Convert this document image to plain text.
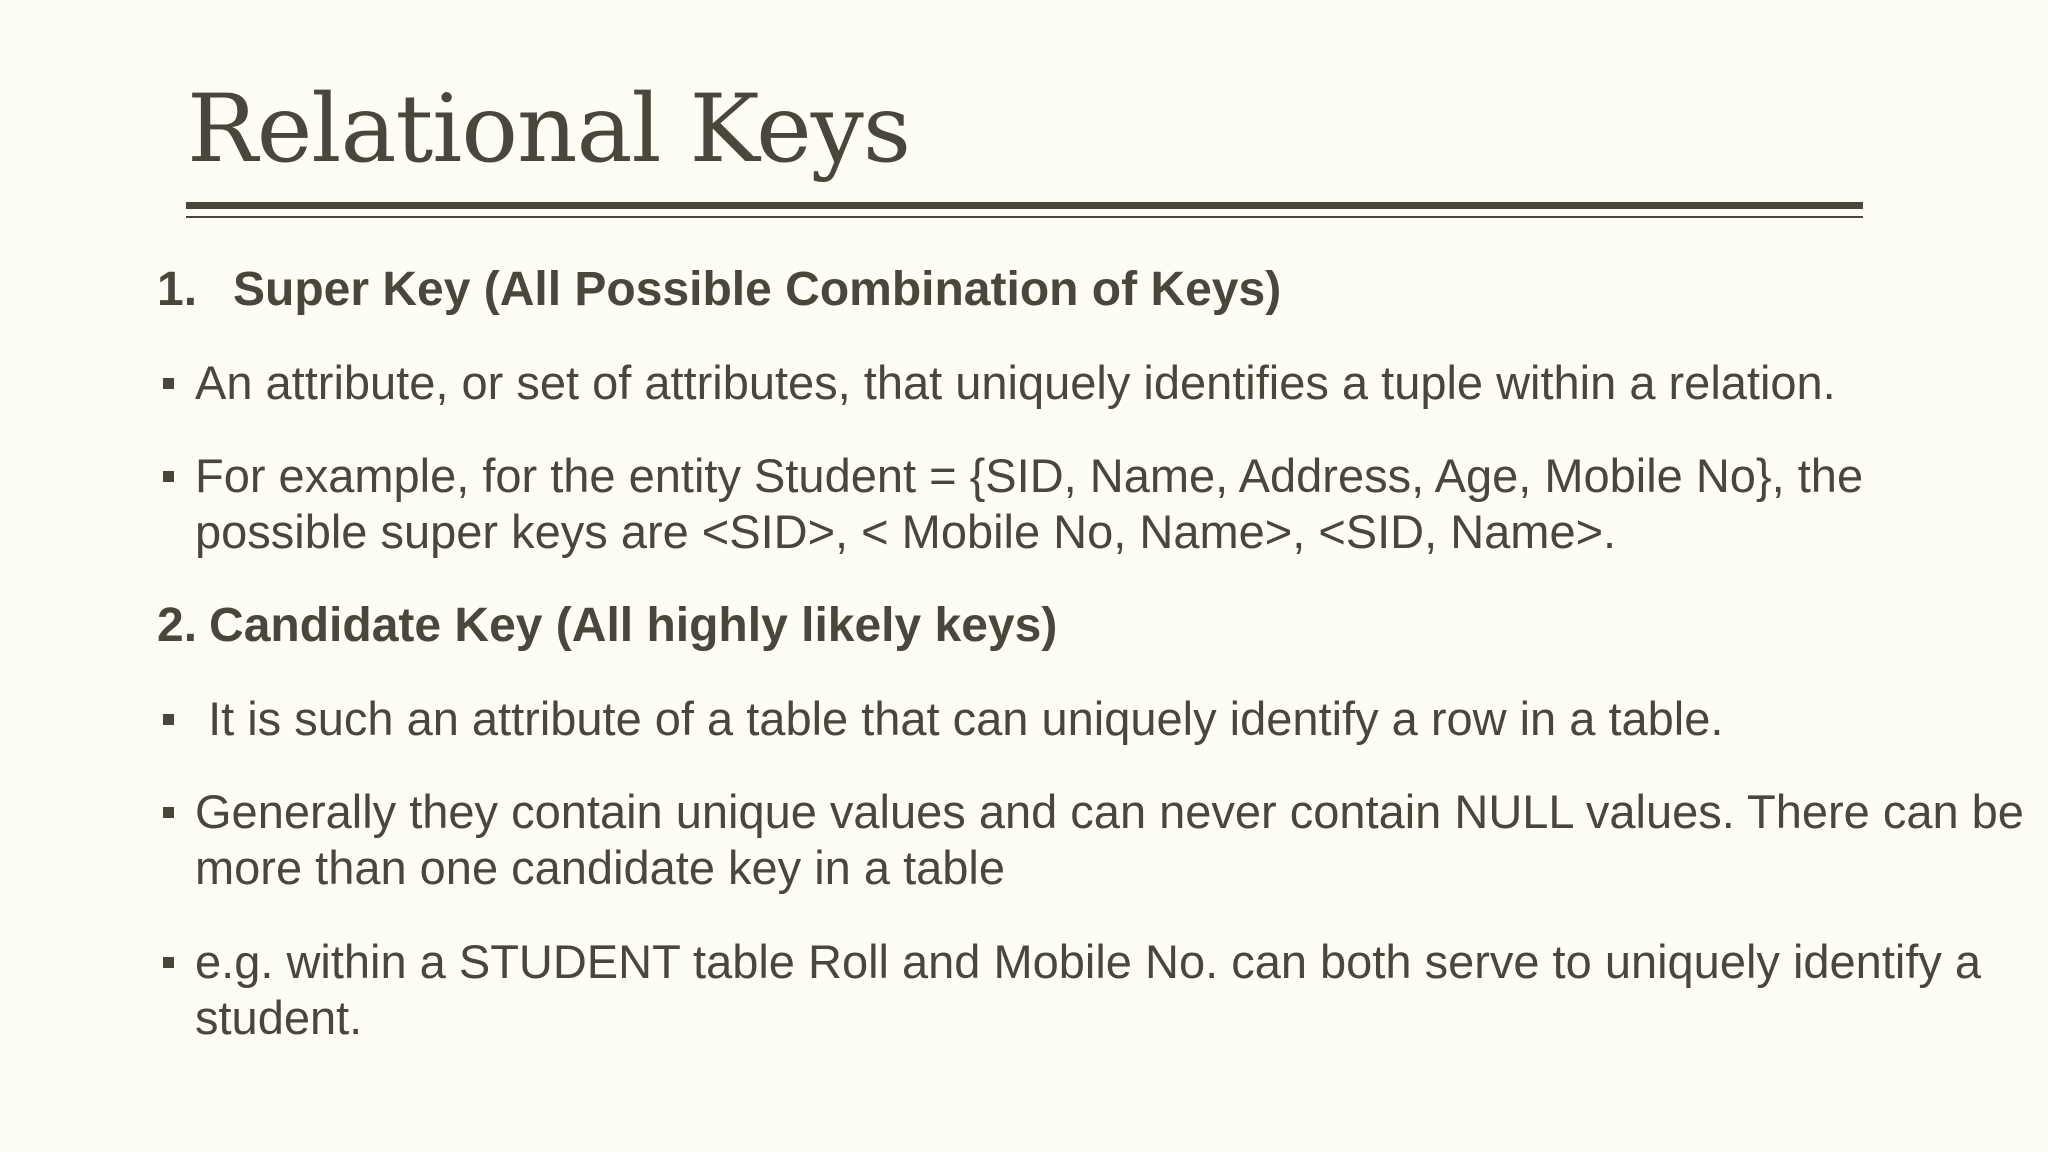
Relational Keys
1. Super Key (All Possible Combination of Keys)
An attribute, or set of attributes, that uniquely identifies a tuple within a relation.
For example, for the entity Student = {SID, Name, Address, Age, Mobile No}, the possible super keys are <SID>, < Mobile No, Name>, <SID, Name>.
2. Candidate Key (All highly likely keys)
It is such an attribute of a table that can uniquely identify a row in a table.
Generally they contain unique values and can never contain NULL values. There can be more than one candidate key in a table
e.g. within a STUDENT table Roll and Mobile No. can both serve to uniquely identify a student.
